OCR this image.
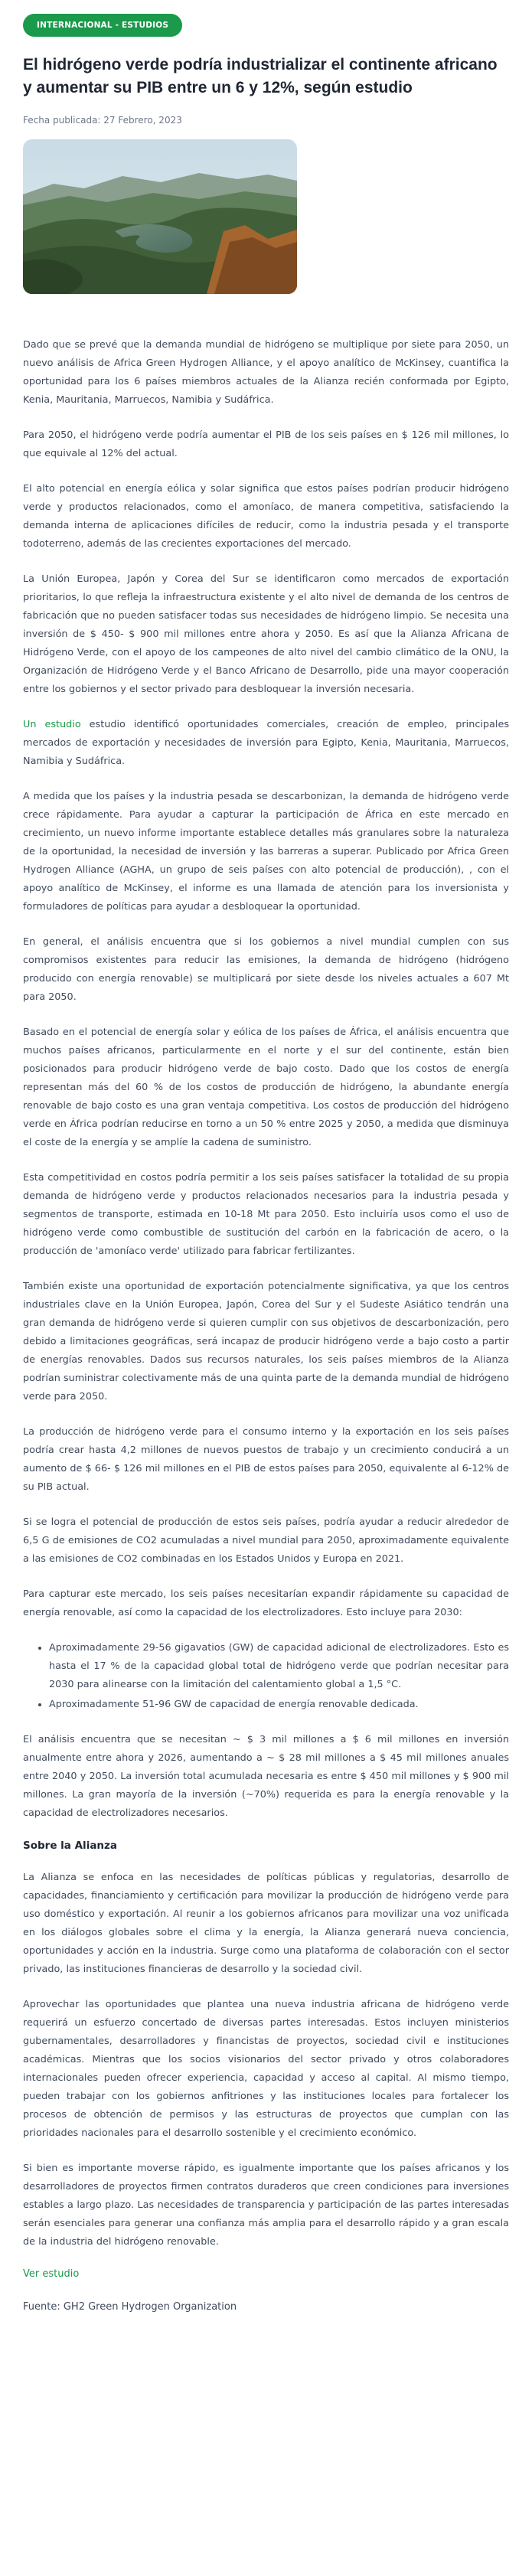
INTERNACIONAL - ESTUDIOS
El hidrógeno verde podría industrializar el continente africano y aumentar su PIB entre un 6 y 12%, según estudio
Fecha publicada: 27 Febrero, 2023

Dado que se prevé que la demanda mundial de hidrógeno se multiplique por siete para 2050, un nuevo análisis de Africa Green Hydrogen Alliance, y el apoyo analítico de McKinsey, cuantifica la oportunidad para los 6 países miembros actuales de la Alianza recién conformada por Egipto, Kenia, Mauritania, Marruecos, Namibia y Sudáfrica.

Para 2050, el hidrógeno verde podría aumentar el PIB de los seis países en $ 126 mil millones, lo que equivale al 12% del actual.

El alto potencial en energía eólica y solar significa que estos países podrían producir hidrógeno verde y productos relacionados, como el amoníaco, de manera competitiva, satisfaciendo la demanda interna de aplicaciones difíciles de reducir, como la industria pesada y el transporte todoterreno, además de las crecientes exportaciones del mercado.

La Unión Europea, Japón y Corea del Sur se identificaron como mercados de exportación prioritarios, lo que refleja la infraestructura existente y el alto nivel de demanda de los centros de fabricación que no pueden satisfacer todas sus necesidades de hidrógeno limpio. Se necesita una inversión de $ 450- $ 900 mil millones entre ahora y 2050. Es así que la Alianza Africana de Hidrógeno Verde, con el apoyo de los campeones de alto nivel del cambio climático de la ONU, la Organización de Hidrógeno Verde y el Banco Africano de Desarrollo, pide una mayor cooperación entre los gobiernos y el sector privado para desbloquear la inversión necesaria.

Un estudio estudio identificó oportunidades comerciales, creación de empleo, principales mercados de exportación y necesidades de inversión para Egipto, Kenia, Mauritania, Marruecos, Namibia y Sudáfrica.

A medida que los países y la industria pesada se descarbonizan, la demanda de hidrógeno verde crece rápidamente. Para ayudar a capturar la participación de África en este mercado en crecimiento, un nuevo informe importante establece detalles más granulares sobre la naturaleza de la oportunidad, la necesidad de inversión y las barreras a superar. Publicado por Africa Green Hydrogen Alliance (AGHA, un grupo de seis países con alto potencial de producción), , con el apoyo analítico de McKinsey, el informe es una llamada de atención para los inversionista y formuladores de políticas para ayudar a desbloquear la oportunidad.

En general, el análisis encuentra que si los gobiernos a nivel mundial cumplen con sus compromisos existentes para reducir las emisiones, la demanda de hidrógeno (hidrógeno producido con energía renovable) se multiplicará por siete desde los niveles actuales a 607 Mt para 2050.

Basado en el potencial de energía solar y eólica de los países de África, el análisis encuentra que muchos países africanos, particularmente en el norte y el sur del continente, están bien posicionados para producir hidrógeno verde de bajo costo. Dado que los costos de energía representan más del 60 % de los costos de producción de hidrógeno, la abundante energía renovable de bajo costo es una gran ventaja competitiva. Los costos de producción del hidrógeno verde en África podrían reducirse en torno a un 50 % entre 2025 y 2050, a medida que disminuya el coste de la energía y se amplíe la cadena de suministro.

Esta competitividad en costos podría permitir a los seis países satisfacer la totalidad de su propia demanda de hidrógeno verde y productos relacionados necesarios para la industria pesada y segmentos de transporte, estimada en 10-18 Mt para 2050. Esto incluiría usos como el uso de hidrógeno verde como combustible de sustitución del carbón en la fabricación de acero, o la producción de 'amoníaco verde' utilizado para fabricar fertilizantes.

También existe una oportunidad de exportación potencialmente significativa, ya que los centros industriales clave en la Unión Europea, Japón, Corea del Sur y el Sudeste Asiático tendrán una gran demanda de hidrógeno verde si quieren cumplir con sus objetivos de descarbonización, pero debido a limitaciones geográficas, será incapaz de producir hidrógeno verde a bajo costo a partir de energías renovables. Dados sus recursos naturales, los seis países miembros de la Alianza podrían suministrar colectivamente más de una quinta parte de la demanda mundial de hidrógeno verde para 2050.

La producción de hidrógeno verde para el consumo interno y la exportación en los seis países podría crear hasta 4,2 millones de nuevos puestos de trabajo y un crecimiento conducirá a un aumento de $ 66- $ 126 mil millones en el PIB de estos países para 2050, equivalente al 6-12% de su PIB actual.

Si se logra el potencial de producción de estos seis países, podría ayudar a reducir alrededor de 6,5 G de emisiones de CO2 acumuladas a nivel mundial para 2050, aproximadamente equivalente a las emisiones de CO2 combinadas en los Estados Unidos y Europa en 2021.

Para capturar este mercado, los seis países necesitarían expandir rápidamente su capacidad de energía renovable, así como la capacidad de los electrolizadores. Esto incluye para 2030:

• Aproximadamente 29-56 gigavatios (GW) de capacidad adicional de electrolizadores. Esto es hasta el 17 % de la capacidad global total de hidrógeno verde que podrían necesitar para 2030 para alinearse con la limitación del calentamiento global a 1,5 °C.
• Aproximadamente 51-96 GW de capacidad de energía renovable dedicada.

El análisis encuentra que se necesitan ~ $ 3 mil millones a $ 6 mil millones en inversión anualmente entre ahora y 2026, aumentando a ~ $ 28 mil millones a $ 45 mil millones anuales entre 2040 y 2050. La inversión total acumulada necesaria es entre $ 450 mil millones y $ 900 mil millones. La gran mayoría de la inversión (~70%) requerida es para la energía renovable y la capacidad de electrolizadores necesarios.

Sobre la Alianza

La Alianza se enfoca en las necesidades de políticas públicas y regulatorias, desarrollo de capacidades, financiamiento y certificación para movilizar la producción de hidrógeno verde para uso doméstico y exportación. Al reunir a los gobiernos africanos para movilizar una voz unificada en los diálogos globales sobre el clima y la energía, la Alianza generará nueva conciencia, oportunidades y acción en la industria. Surge como una plataforma de colaboración con el sector privado, las instituciones financieras de desarrollo y la sociedad civil.

Aprovechar las oportunidades que plantea una nueva industria africana de hidrógeno verde requerirá un esfuerzo concertado de diversas partes interesadas. Estos incluyen ministerios gubernamentales, desarrolladores y financistas de proyectos, sociedad civil e instituciones académicas. Mientras que los socios visionarios del sector privado y otros colaboradores internacionales pueden ofrecer experiencia, capacidad y acceso al capital. Al mismo tiempo, pueden trabajar con los gobiernos anfitriones y las instituciones locales para fortalecer los procesos de obtención de permisos y las estructuras de proyectos que cumplan con las prioridades nacionales para el desarrollo sostenible y el crecimiento económico.

Si bien es importante moverse rápido, es igualmente importante que los países africanos y los desarrolladores de proyectos firmen contratos duraderos que creen condiciones para inversiones estables a largo plazo. Las necesidades de transparencia y participación de las partes interesadas serán esenciales para generar una confianza más amplia para el desarrollo rápido y a gran escala de la industria del hidrógeno renovable.

Ver estudio
Fuente: GH2 Green Hydrogen Organization
